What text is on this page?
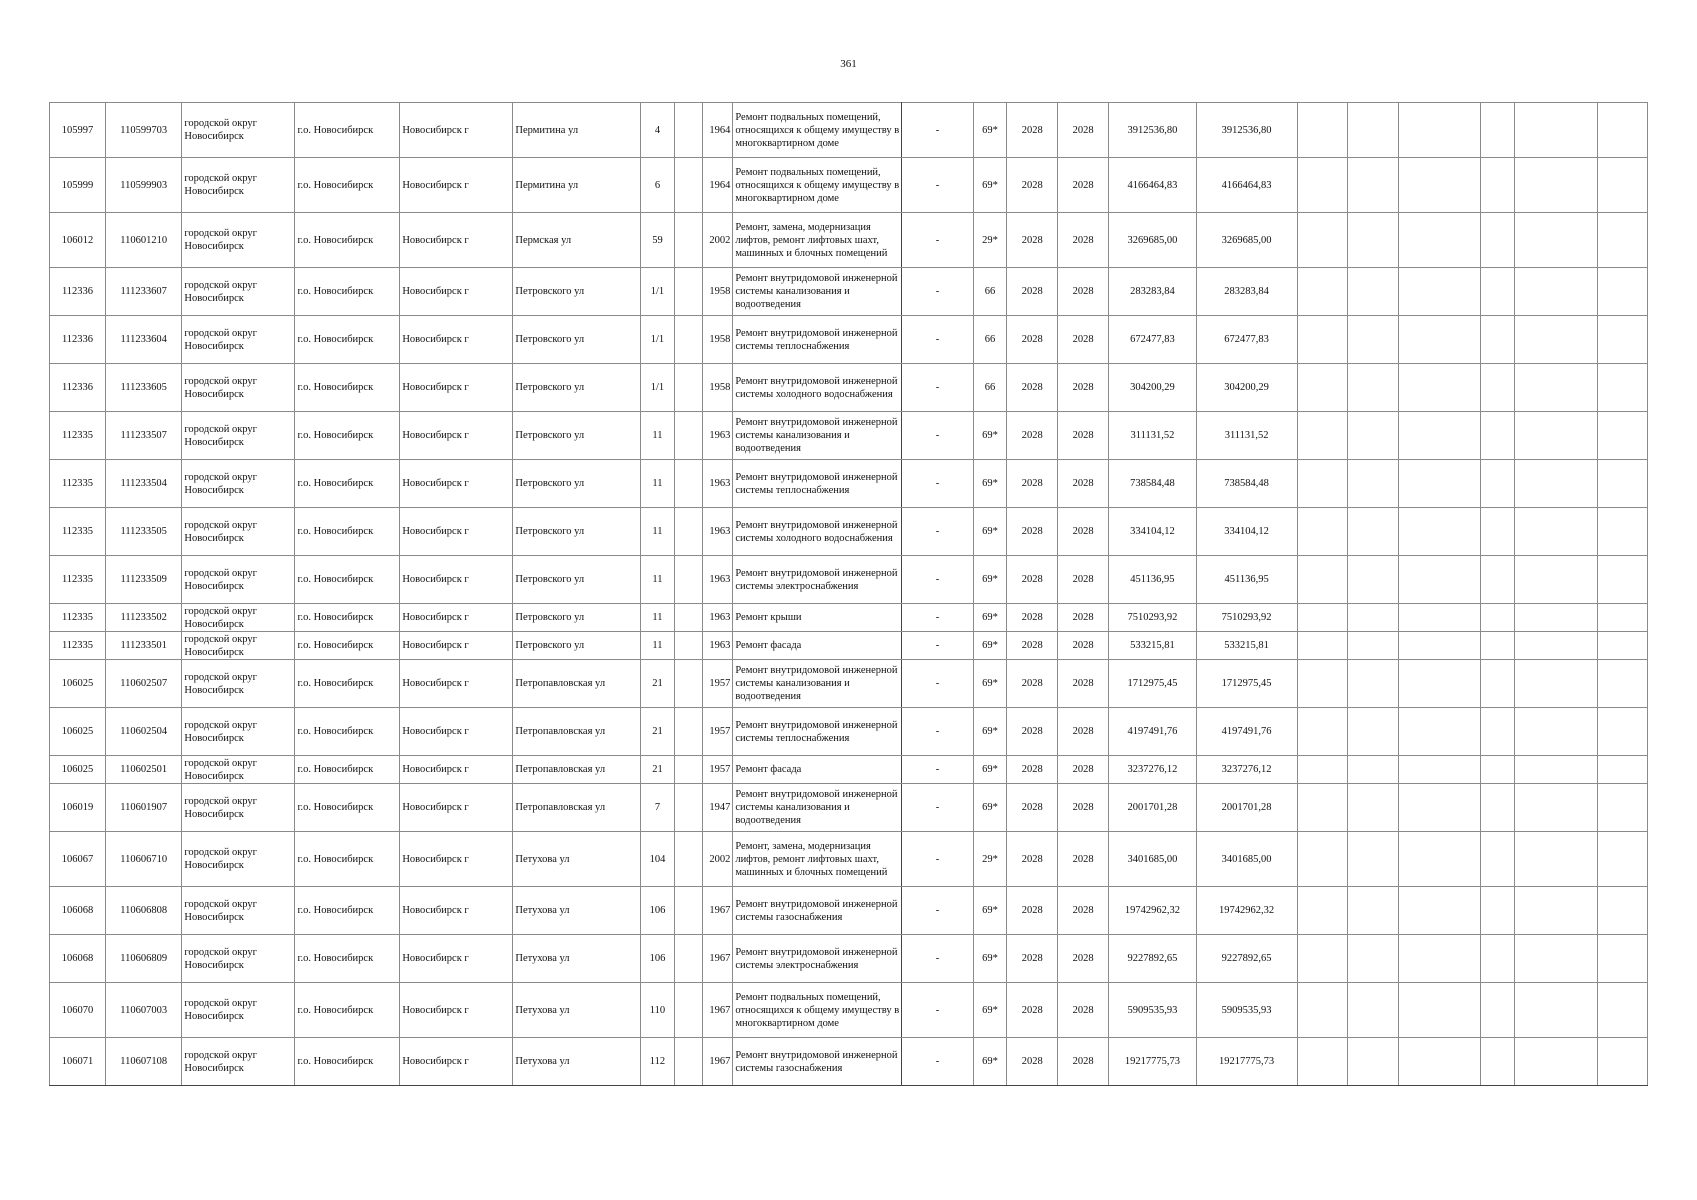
361
105997	110599703	городской округ Новосибирск	г.о. Новосибирск	Новосибирск г	Пермитина ул	4		1964	Ремонт подвальных помещений, относящихся к общему имуществу в многоквартирном доме	-	69*	2028	2028	3912536,80	3912536,80						
105999	110599903	городской округ Новосибирск	г.о. Новосибирск	Новосибирск г	Пермитина ул	6		1964	Ремонт подвальных помещений, относящихся к общему имуществу в многоквартирном доме	-	69*	2028	2028	4166464,83	4166464,83						
106012	110601210	городской округ Новосибирск	г.о. Новосибирск	Новосибирск г	Пермская ул	59		2002	Ремонт, замена, модернизация лифтов, ремонт лифтовых шахт, машинных и блочных помещений	-	29*	2028	2028	3269685,00	3269685,00						
112336	111233607	городской округ Новосибирск	г.о. Новосибирск	Новосибирск г	Петровского ул	1/1		1958	Ремонт внутридомовой инженерной системы канализования и водоотведения	-	66	2028	2028	283283,84	283283,84						
112336	111233604	городской округ Новосибирск	г.о. Новосибирск	Новосибирск г	Петровского ул	1/1		1958	Ремонт внутридомовой инженерной системы теплоснабжения	-	66	2028	2028	672477,83	672477,83						
112336	111233605	городской округ Новосибирск	г.о. Новосибирск	Новосибирск г	Петровского ул	1/1		1958	Ремонт внутридомовой инженерной системы холодного водоснабжения	-	66	2028	2028	304200,29	304200,29						
112335	111233507	городской округ Новосибирск	г.о. Новосибирск	Новосибирск г	Петровского ул	11		1963	Ремонт внутридомовой инженерной системы канализования и водоотведения	-	69*	2028	2028	311131,52	311131,52						
112335	111233504	городской округ Новосибирск	г.о. Новосибирск	Новосибирск г	Петровского ул	11		1963	Ремонт внутридомовой инженерной системы теплоснабжения	-	69*	2028	2028	738584,48	738584,48						
112335	111233505	городской округ Новосибирск	г.о. Новосибирск	Новосибирск г	Петровского ул	11		1963	Ремонт внутридомовой инженерной системы холодного водоснабжения	-	69*	2028	2028	334104,12	334104,12						
112335	111233509	городской округ Новосибирск	г.о. Новосибирск	Новосибирск г	Петровского ул	11		1963	Ремонт внутридомовой инженерной системы электроснабжения	-	69*	2028	2028	451136,95	451136,95						
112335	111233502	городской округ Новосибирск	г.о. Новосибирск	Новосибирск г	Петровского ул	11		1963	Ремонт крыши	-	69*	2028	2028	7510293,92	7510293,92						
112335	111233501	городской округ Новосибирск	г.о. Новосибирск	Новосибирск г	Петровского ул	11		1963	Ремонт фасада	-	69*	2028	2028	533215,81	533215,81						
106025	110602507	городской округ Новосибирск	г.о. Новосибирск	Новосибирск г	Петропавловская ул	21		1957	Ремонт внутридомовой инженерной системы канализования и водоотведения	-	69*	2028	2028	1712975,45	1712975,45						
106025	110602504	городской округ Новосибирск	г.о. Новосибирск	Новосибирск г	Петропавловская ул	21		1957	Ремонт внутридомовой инженерной системы теплоснабжения	-	69*	2028	2028	4197491,76	4197491,76						
106025	110602501	городской округ Новосибирск	г.о. Новосибирск	Новосибирск г	Петропавловская ул	21		1957	Ремонт фасада	-	69*	2028	2028	3237276,12	3237276,12						
106019	110601907	городской округ Новосибирск	г.о. Новосибирск	Новосибирск г	Петропавловская ул	7		1947	Ремонт внутридомовой инженерной системы канализования и водоотведения	-	69*	2028	2028	2001701,28	2001701,28						
106067	110606710	городской округ Новосибирск	г.о. Новосибирск	Новосибирск г	Петухова ул	104		2002	Ремонт, замена, модернизация лифтов, ремонт лифтовых шахт, машинных и блочных помещений	-	29*	2028	2028	3401685,00	3401685,00						
106068	110606808	городской округ Новосибирск	г.о. Новосибирск	Новосибирск г	Петухова ул	106		1967	Ремонт внутридомовой инженерной системы газоснабжения	-	69*	2028	2028	19742962,32	19742962,32						
106068	110606809	городской округ Новосибирск	г.о. Новосибирск	Новосибирск г	Петухова ул	106		1967	Ремонт внутридомовой инженерной системы электроснабжения	-	69*	2028	2028	9227892,65	9227892,65						
106070	110607003	городской округ Новосибирск	г.о. Новосибирск	Новосибирск г	Петухова ул	110		1967	Ремонт подвальных помещений, относящихся к общему имуществу в многоквартирном доме	-	69*	2028	2028	5909535,93	5909535,93						
106071	110607108	городской округ Новосибирск	г.о. Новосибирск	Новосибирск г	Петухова ул	112		1967	Ремонт внутридомовой инженерной системы газоснабжения	-	69*	2028	2028	19217775,73	19217775,73						
